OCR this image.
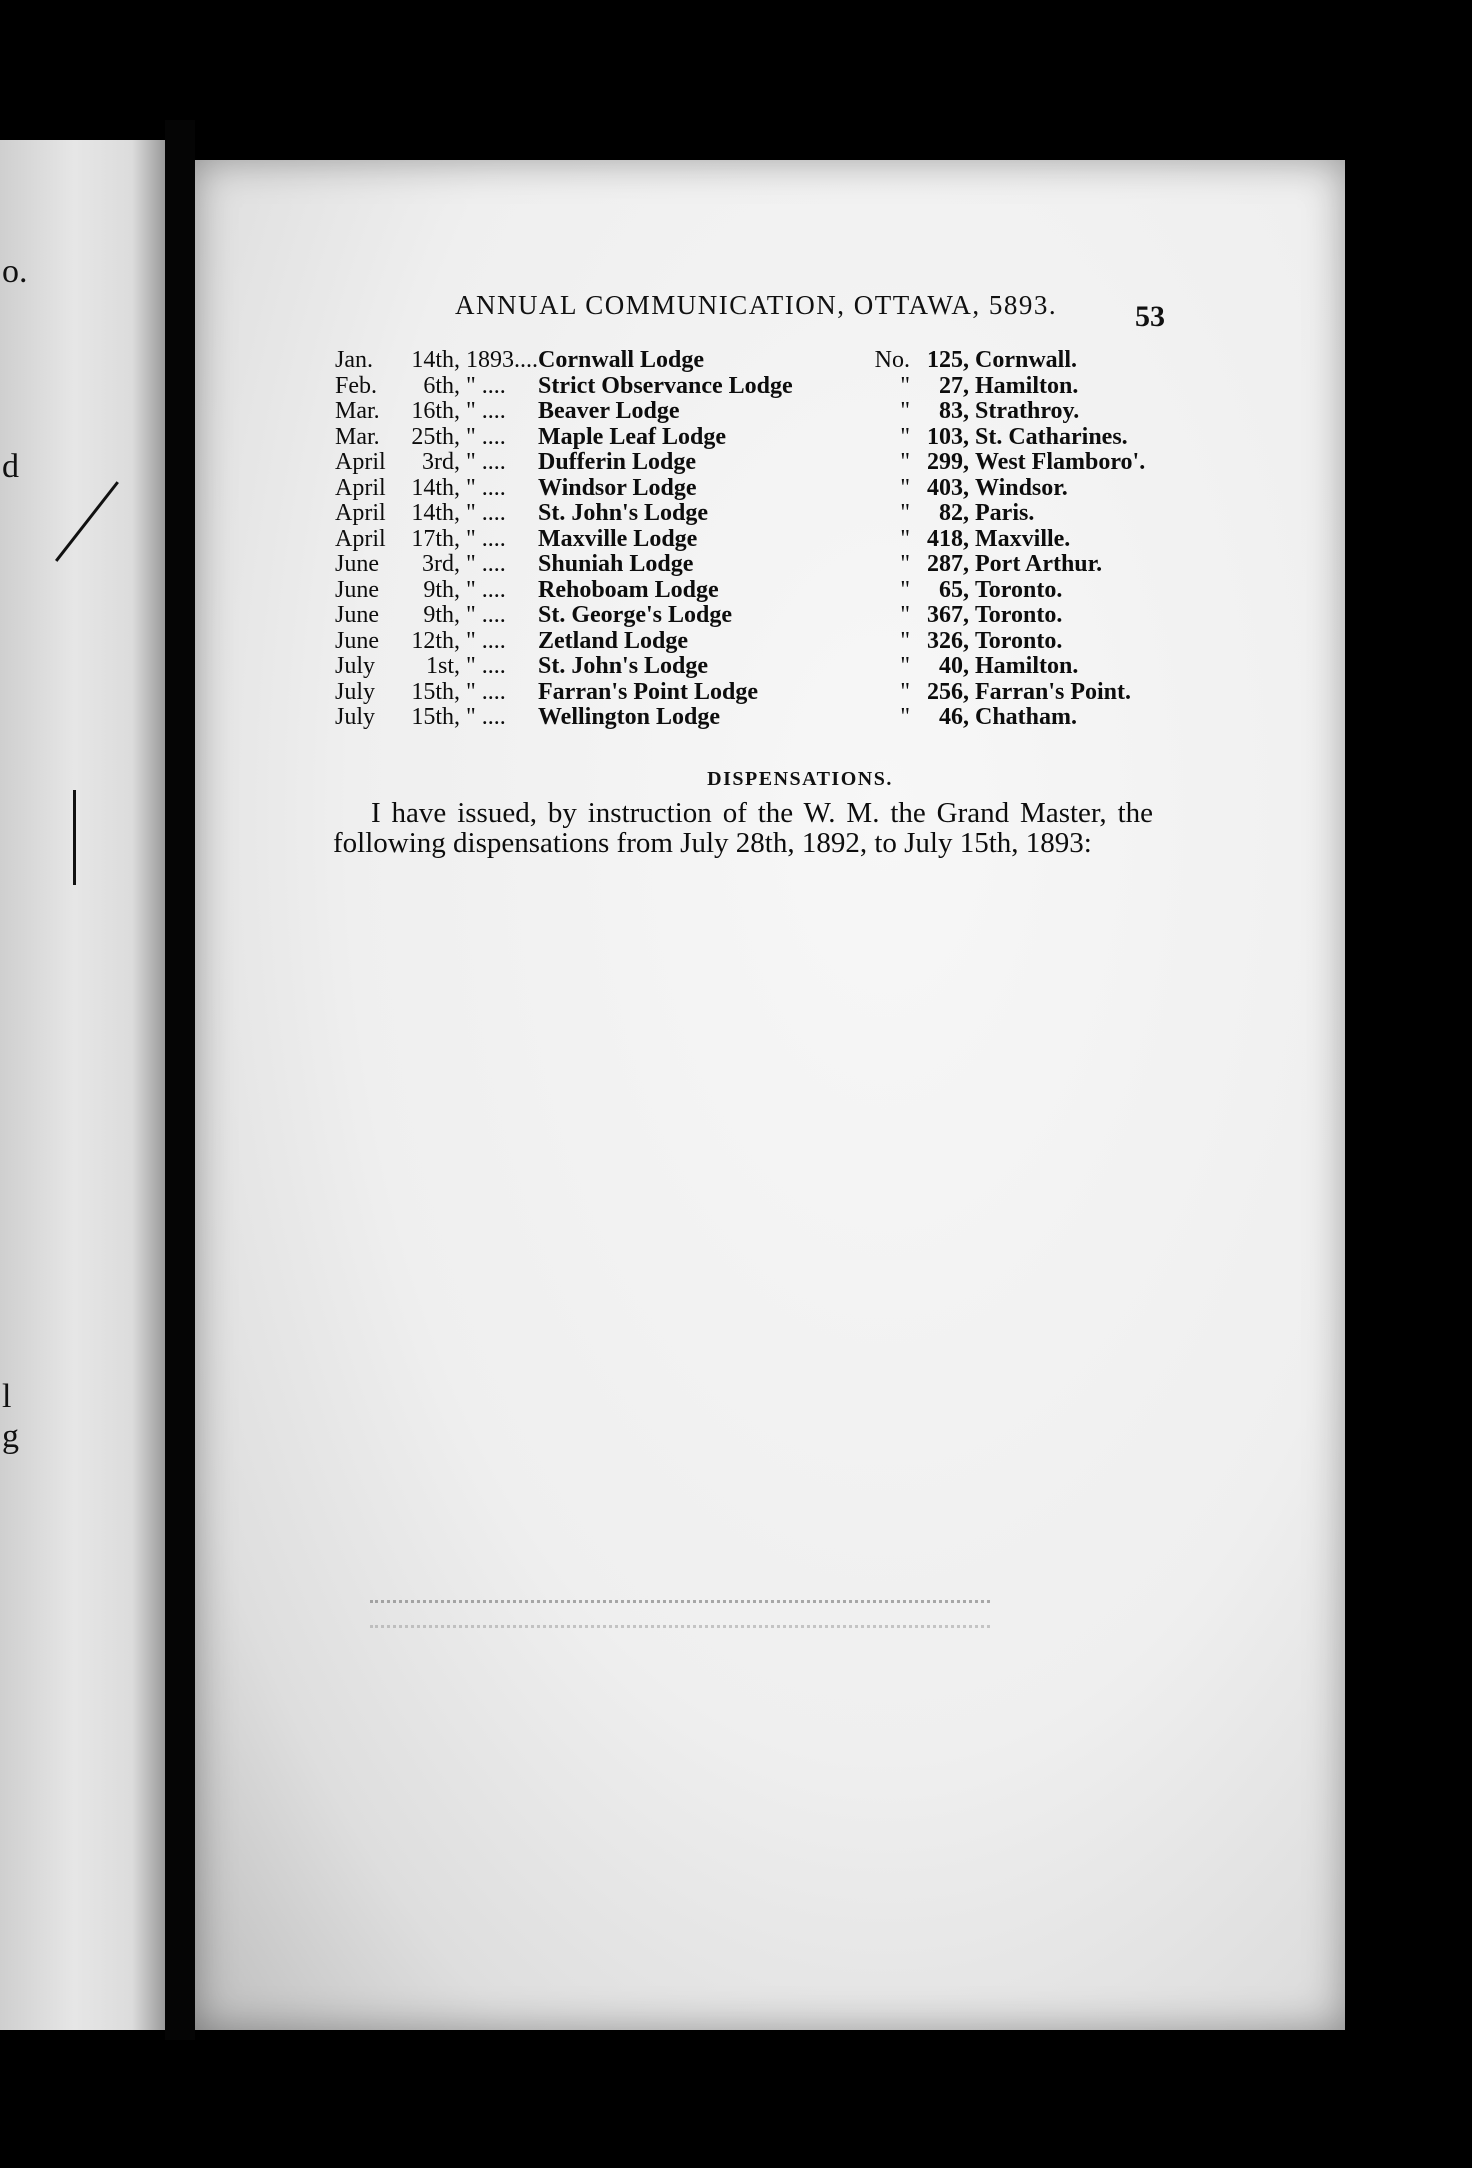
o.
d
l
g
ANNUAL COMMUNICATION, OTTAWA, 5893.	53
Jan.	14th,	1893....	Cornwall Lodge	No.	125,	Cornwall.
Feb.	6th,	" ....	Strict Observance Lodge	"	27,	Hamilton.
Mar.	16th,	" ....	Beaver Lodge	"	83,	Strathroy.
Mar.	25th,	" ....	Maple Leaf Lodge	"	103,	St. Catharines.
April	3rd,	" ....	Dufferin Lodge	"	299,	West Flamboro'.
April	14th,	" ....	Windsor Lodge	"	403,	Windsor.
April	14th,	" ....	St. John's Lodge	"	82,	Paris.
April	17th,	" ....	Maxville Lodge	"	418,	Maxville.
June	3rd,	" ....	Shuniah Lodge	"	287,	Port Arthur.
June	9th,	" ....	Rehoboam Lodge	"	65,	Toronto.
June	9th,	" ....	St. George's Lodge	"	367,	Toronto.
June	12th,	" ....	Zetland Lodge	"	326,	Toronto.
July	1st,	" ....	St. John's Lodge	"	40,	Hamilton.
July	15th,	" ....	Farran's Point Lodge	"	256,	Farran's Point.
July	15th,	" ....	Wellington Lodge	"	46,	Chatham.
DISPENSATIONS.
I have issued, by instruction of the W. M. the Grand Master, the following dispensations from July 28th, 1892, to July 15th, 1893:
